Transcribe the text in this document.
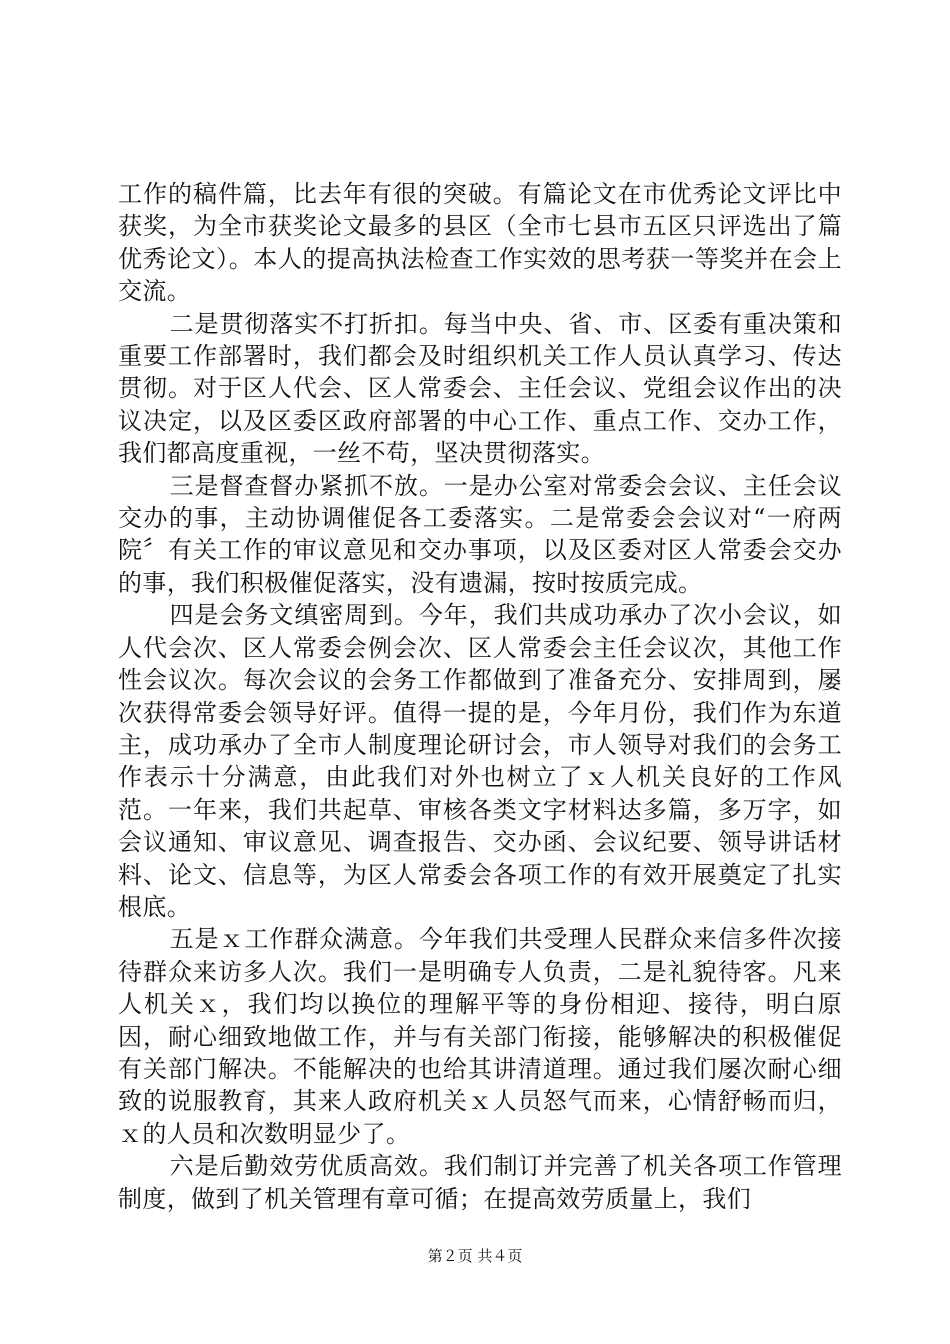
工作的稿件篇，比去年有很的突破。有篇论文在市优秀论文评比中获奖，为全市获奖论文最多的县区（全市七县市五区只评选出了篇优秀论文）。本人的提高执法检查工作实效的思考获一等奖并在会上交流。

二是贯彻落实不打折扣。每当中央、省、市、区委有重决策和重要工作部署时，我们都会及时组织机关工作人员认真学习、传达贯彻。对于区人代会、区人常委会、主任会议、党组会议作出的决议决定，以及区委区政府部署的中心工作、重点工作、交办工作，我们都高度重视，一丝不苟，坚决贯彻落实。

三是督查督办紧抓不放。一是办公室对常委会会议、主任会议交办的事，主动协调催促各工委落实。二是常委会会议对“一府两院〞有关工作的审议意见和交办事项，以及区委对区人常委会交办的事，我们积极催促落实，没有遗漏，按时按质完成。

四是会务文缜密周到。今年，我们共成功承办了次小会议，如人代会次、区人常委会例会次、区人常委会主任会议次，其他工作性会议次。每次会议的会务工作都做到了准备充分、安排周到，屡次获得常委会领导好评。值得一提的是，今年月份，我们作为东道主，成功承办了全市人制度理论研讨会，市人领导对我们的会务工作表示十分满意，由此我们对外也树立了ｘ人机关良好的工作风范。一年来，我们共起草、审核各类文字材料达多篇，多万字，如会议通知、审议意见、调查报告、交办函、会议纪要、领导讲话材料、论文、信息等，为区人常委会各项工作的有效开展奠定了扎实根底。

五是ｘ工作群众满意。今年我们共受理人民群众来信多件次接待群众来访多人次。我们一是明确专人负责，二是礼貌待客。凡来人机关ｘ，我们均以换位的理解平等的身份相迎、接待，明白原因，耐心细致地做工作，并与有关部门衔接，能够解决的积极催促有关部门解决。不能解决的也给其讲清道理。通过我们屡次耐心细致的说服教育，其来人政府机关ｘ人员怒气而来，心情舒畅而归，ｘ的人员和次数明显少了。

六是后勤效劳优质高效。我们制订并完善了机关各项工作管理制度，做到了机关管理有章可循；在提高效劳质量上，我们

第２页 共４页
